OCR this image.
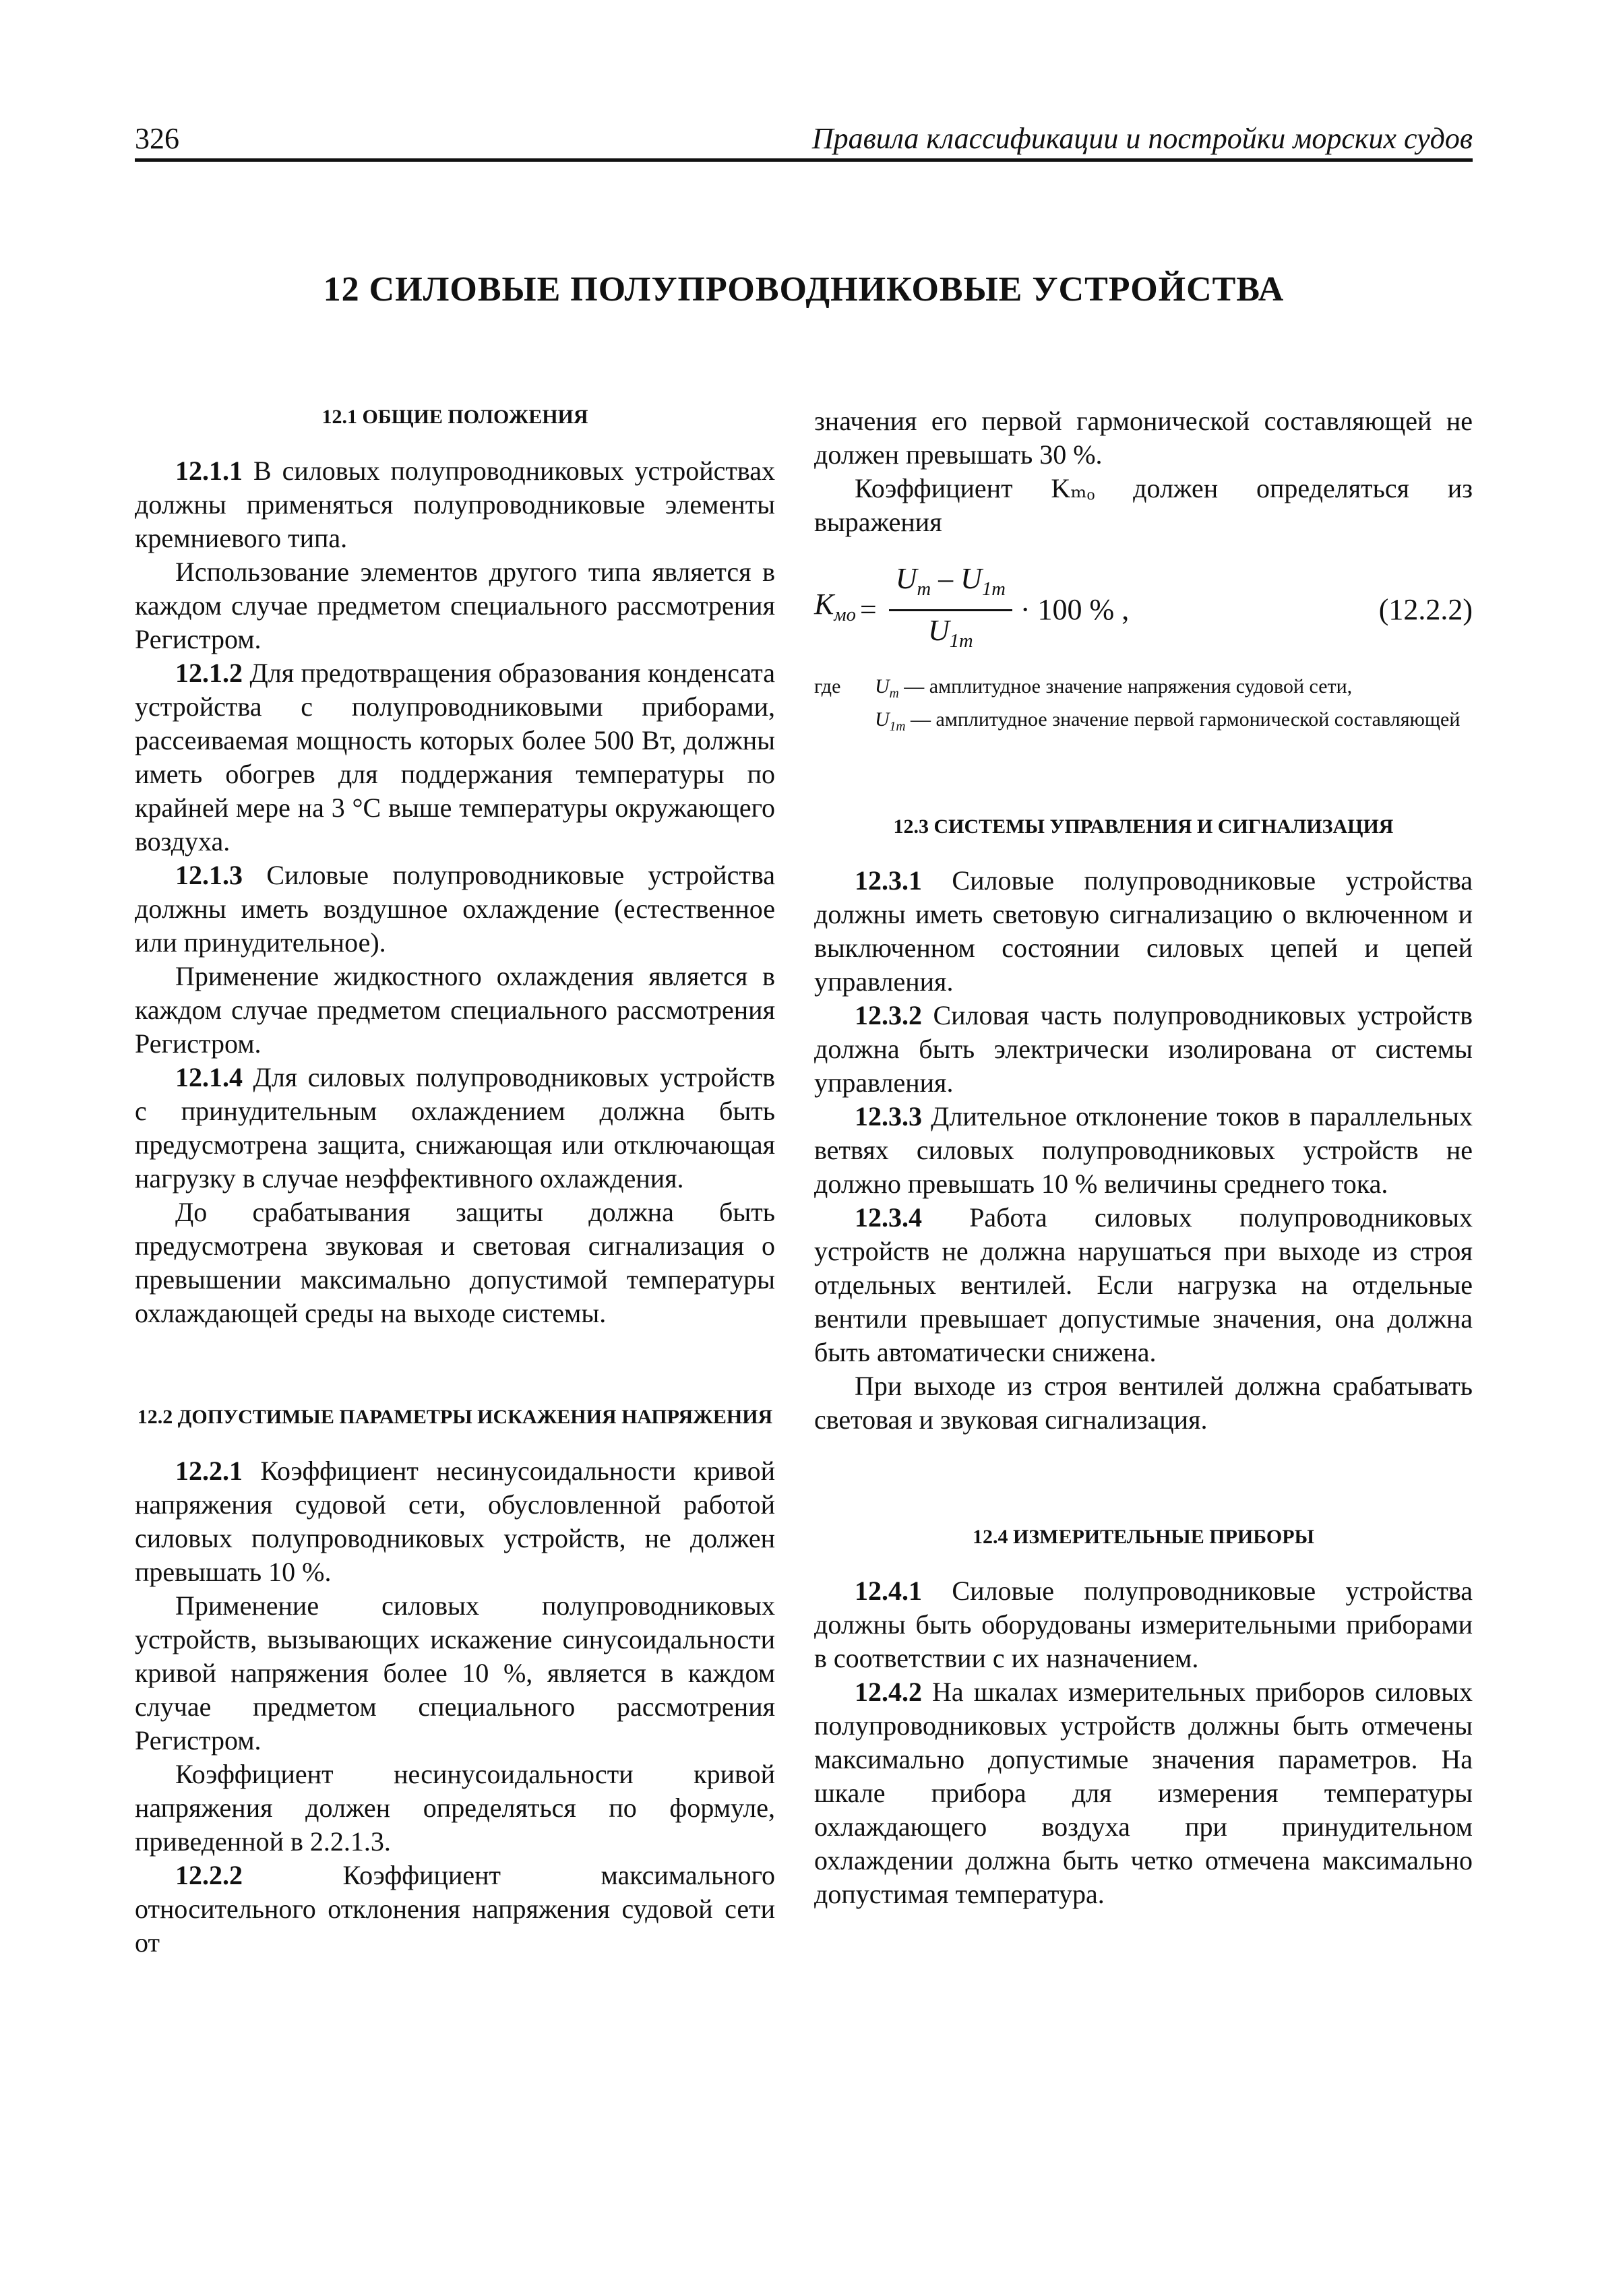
326	Правила классификации и постройки морских судов
12 СИЛОВЫЕ ПОЛУПРОВОДНИКОВЫЕ УСТРОЙСТВА
12.1 ОБЩИЕ ПОЛОЖЕНИЯ

12.1.1 В силовых полупроводниковых устройствах должны применяться полупроводниковые элементы кремниевого типа.

Использование элементов другого типа является в каждом случае предметом специального рассмотрения Регистром.

12.1.2 Для предотвращения образования конденсата устройства с полупроводниковыми приборами, рассеиваемая мощность которых более 500 Вт, должны иметь обогрев для поддержания температуры по крайней мере на 3 °С выше температуры окружающего воздуха.

12.1.3 Силовые полупроводниковые устройства должны иметь воздушное охлаждение (естественное или принудительное).

Применение жидкостного охлаждения является в каждом случае предметом специального рассмотрения Регистром.

12.1.4 Для силовых полупроводниковых устройств с принудительным охлаждением должна быть предусмотрена защита, снижающая или отключающая нагрузку в случае неэффективного охлаждения.

До срабатывания защиты должна быть предусмотрена звуковая и световая сигнализация о превышении максимально допустимой температуры охлаждающей среды на выходе системы.

12.2 ДОПУСТИМЫЕ ПАРАМЕТРЫ ИСКАЖЕНИЯ НАПРЯЖЕНИЯ

12.2.1 Коэффициент несинусоидальности кривой напряжения судовой сети, обусловленной работой силовых полупроводниковых устройств, не должен превышать 10 %.

Применение силовых полупроводниковых устройств, вызывающих искажение синусоидальности кривой напряжения более 10 %, является в каждом случае предметом специального рассмотрения Регистром.

Коэффициент несинусоидальности кривой напряжения должен определяться по формуле, приведенной в 2.2.1.3.

12.2.2 Коэффициент максимального относительного отклонения напряжения судовой сети от

значения его первой гармонической составляющей не должен превышать 30 %.

Коэффициент Kₘₒ должен определяться из выражения

$K_{мо} = \frac{U_m - U_{1m}}{U_{1m}} \cdot 100$ % ,	(12.2.2)
где	$U_m$ — амплитудное значение напряжения судовой сети,
$U_{1m}$ — амплитудное значение первой гармонической составляющей
12.3 СИСТЕМЫ УПРАВЛЕНИЯ И СИГНАЛИЗАЦИЯ

12.3.1 Силовые полупроводниковые устройства должны иметь световую сигнализацию о включенном и выключенном состоянии силовых цепей и цепей управления.

12.3.2 Силовая часть полупроводниковых устройств должна быть электрически изолирована от системы управления.

12.3.3 Длительное отклонение токов в параллельных ветвях силовых полупроводниковых устройств не должно превышать 10 % величины среднего тока.

12.3.4 Работа силовых полупроводниковых устройств не должна нарушаться при выходе из строя отдельных вентилей. Если нагрузка на отдельные вентили превышает допустимые значения, она должна быть автоматически снижена.

При выходе из строя вентилей должна срабатывать световая и звуковая сигнализация.

12.4 ИЗМЕРИТЕЛЬНЫЕ ПРИБОРЫ

12.4.1 Силовые полупроводниковые устройства должны быть оборудованы измерительными приборами в соответствии с их назначением.

12.4.2 На шкалах измерительных приборов силовых полупроводниковых устройств должны быть отмечены максимально допустимые значения параметров. На шкале прибора для измерения температуры охлаждающего воздуха при принудительном охлаждении должна быть четко отмечена максимально допустимая температура.
